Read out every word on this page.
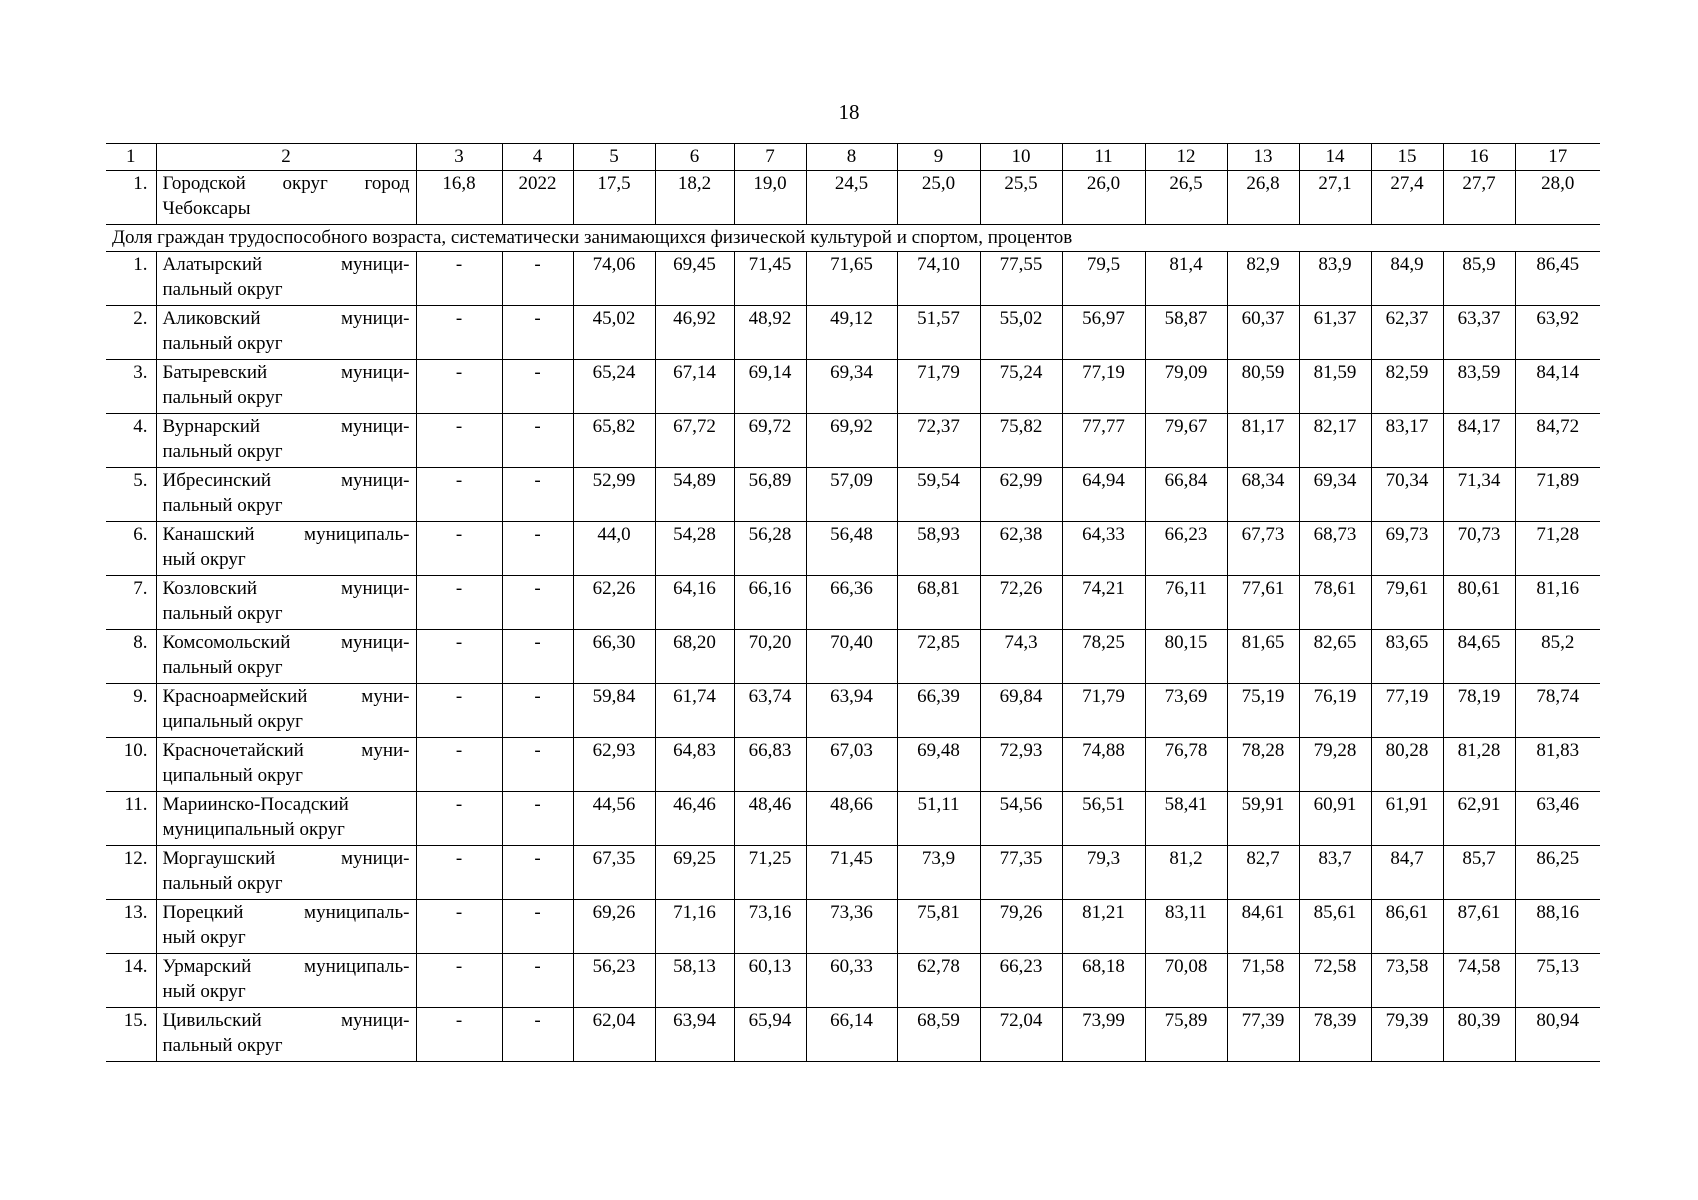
18
1	2	3	4	5	6	7	8	9	10	11	12	13	14	15	16	17
1.	Городской округ город
Чебоксары	16,8	2022	17,5	18,2	19,0	24,5	25,0	25,5	26,0	26,5	26,8	27,1	27,4	27,7	28,0
Доля граждан трудоспособного возраста, систематически занимающихся физической культурой и спортом, процентов																
1.	Алатырский муници-
пальный округ	-	-	74,06	69,45	71,45	71,65	74,10	77,55	79,5	81,4	82,9	83,9	84,9	85,9	86,45
2.	Аликовский муници-
пальный округ	-	-	45,02	46,92	48,92	49,12	51,57	55,02	56,97	58,87	60,37	61,37	62,37	63,37	63,92
3.	Батыревский муници-
пальный округ	-	-	65,24	67,14	69,14	69,34	71,79	75,24	77,19	79,09	80,59	81,59	82,59	83,59	84,14
4.	Вурнарский муници-
пальный округ	-	-	65,82	67,72	69,72	69,92	72,37	75,82	77,77	79,67	81,17	82,17	83,17	84,17	84,72
5.	Ибресинский муници-
пальный округ	-	-	52,99	54,89	56,89	57,09	59,54	62,99	64,94	66,84	68,34	69,34	70,34	71,34	71,89
6.	Канашский муниципаль-
ный округ	-	-	44,0	54,28	56,28	56,48	58,93	62,38	64,33	66,23	67,73	68,73	69,73	70,73	71,28
7.	Козловский муници-
пальный округ	-	-	62,26	64,16	66,16	66,36	68,81	72,26	74,21	76,11	77,61	78,61	79,61	80,61	81,16
8.	Комсомольский муници-
пальный округ	-	-	66,30	68,20	70,20	70,40	72,85	74,3	78,25	80,15	81,65	82,65	83,65	84,65	85,2
9.	Красноармейский муни-
ципальный округ	-	-	59,84	61,74	63,74	63,94	66,39	69,84	71,79	73,69	75,19	76,19	77,19	78,19	78,74
10.	Красночетайский муни-
ципальный округ	-	-	62,93	64,83	66,83	67,03	69,48	72,93	74,88	76,78	78,28	79,28	80,28	81,28	81,83
11.	Мариинско-Посадский
муниципальный округ	-	-	44,56	46,46	48,46	48,66	51,11	54,56	56,51	58,41	59,91	60,91	61,91	62,91	63,46
12.	Моргаушский муници-
пальный округ	-	-	67,35	69,25	71,25	71,45	73,9	77,35	79,3	81,2	82,7	83,7	84,7	85,7	86,25
13.	Порецкий муниципаль-
ный округ	-	-	69,26	71,16	73,16	73,36	75,81	79,26	81,21	83,11	84,61	85,61	86,61	87,61	88,16
14.	Урмарский муниципаль-
ный округ	-	-	56,23	58,13	60,13	60,33	62,78	66,23	68,18	70,08	71,58	72,58	73,58	74,58	75,13
15.	Цивильский муници-
пальный округ	-	-	62,04	63,94	65,94	66,14	68,59	72,04	73,99	75,89	77,39	78,39	79,39	80,39	80,94
